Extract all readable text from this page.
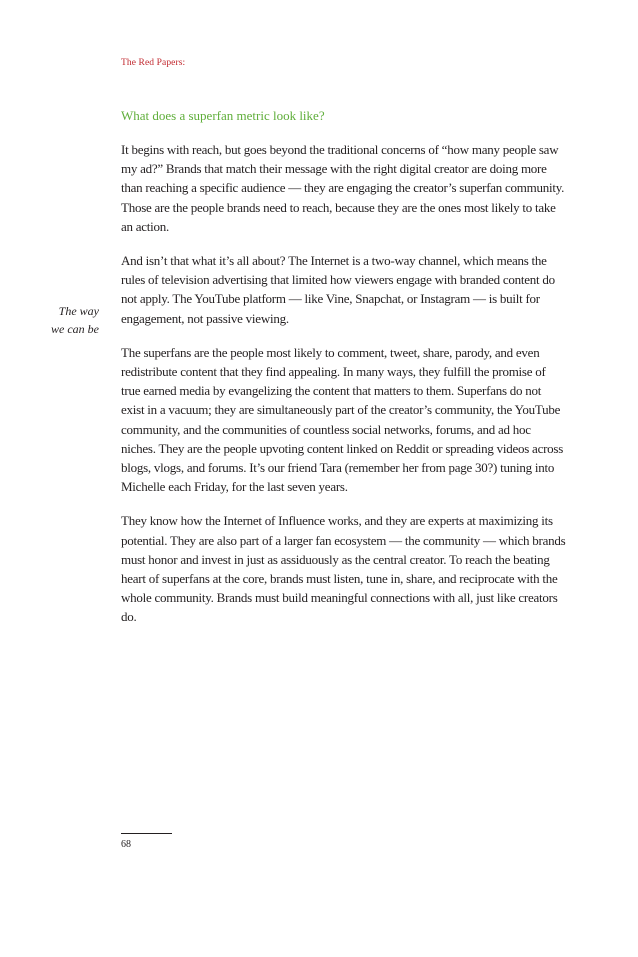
The Red Papers:
The way
we can be
What does a superfan metric look like?

It begins with reach, but goes beyond the traditional concerns of “how many people saw my ad?” Brands that match their message with the right digital creator are doing more than reaching a specific audience — they are engaging the creator’s superfan community. Those are the people brands need to reach, because they are the ones most likely to take an action.

And isn’t that what it’s all about? The Internet is a two-way channel, which means the rules of television advertising that limited how viewers engage with branded content do not apply. The YouTube platform — like Vine, Snapchat, or Instagram — is built for engagement, not passive viewing.

The superfans are the people most likely to comment, tweet, share, parody, and even redistribute content that they find appealing. In many ways, they fulfill the promise of true earned media by evangelizing the content that matters to them. Superfans do not exist in a vacuum; they are simultaneously part of the creator’s community, the YouTube community, and the communities of countless social networks, forums, and ad hoc niches. They are the people upvoting content linked on Reddit or spreading videos across blogs, vlogs, and forums. It’s our friend Tara (remember her from page 30?) tuning into Michelle each Friday, for the last seven years.

They know how the Internet of Influence works, and they are experts at maximizing its potential. They are also part of a larger fan ecosystem — the community — which brands must honor and invest in just as assiduously as the central creator. To reach the beating heart of superfans at the core, brands must listen, tune in, share, and reciprocate with the whole community. Brands must build meaningful connections with all, just like creators do.

68
